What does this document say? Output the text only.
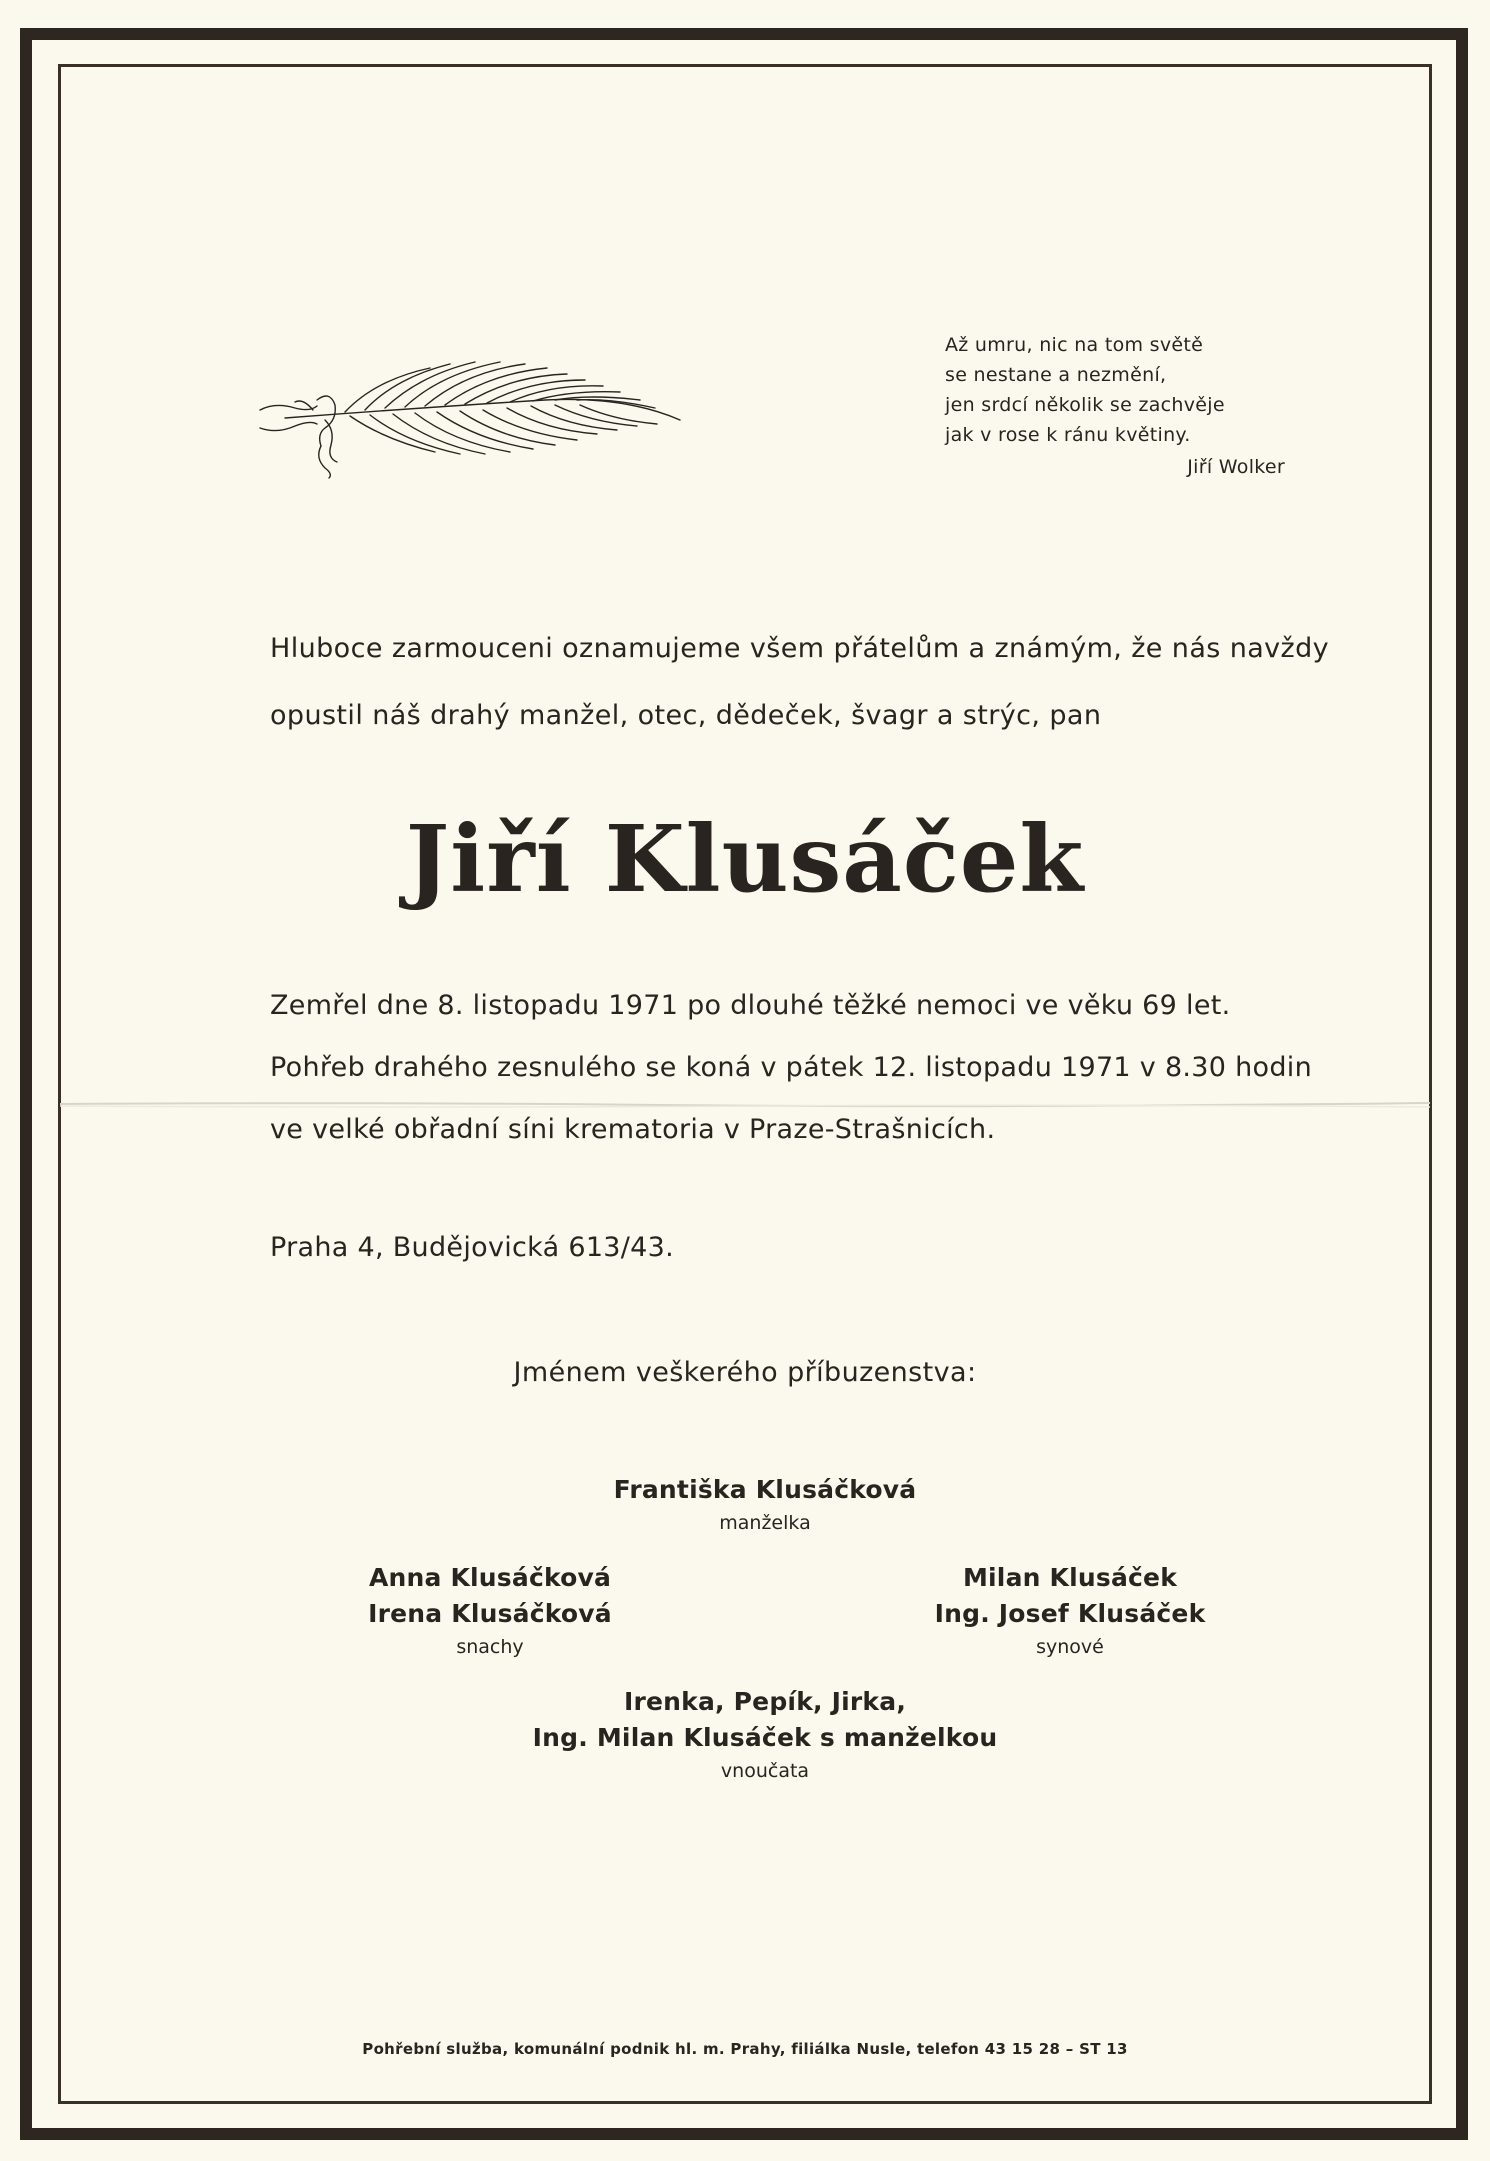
Až umru, nic na tom světě
se nestane a nezmění,
jen srdcí několik se zachvěje
jak v rose k ránu květiny.
Jiří Wolker
Hluboce zarmouceni oznamujeme všem přátelům a známým, že nás navždy
opustil náš drahý manžel, otec, dědeček, švagr a strýc, pan
Jiří Klusáček
Zemřel dne 8. listopadu 1971 po dlouhé těžké nemoci ve věku 69 let.
Pohřeb drahého zesnulého se koná v pátek 12. listopadu 1971 v 8.30 hodin
ve velké obřadní síni krematoria v Praze-Strašnicích.
Praha 4, Budějovická 613/43.
Jménem veškerého příbuzenstva:
Františka Klusáčková
manželka
Anna Klusáčková
Irena Klusáčková
snachy
Milan Klusáček
Ing. Josef Klusáček
synové
Irenka, Pepík, Jirka,
Ing. Milan Klusáček s manželkou
vnoučata
Pohřební služba, komunální podnik hl. m. Prahy, filiálka Nusle, telefon 43 15 28 – ST 13
